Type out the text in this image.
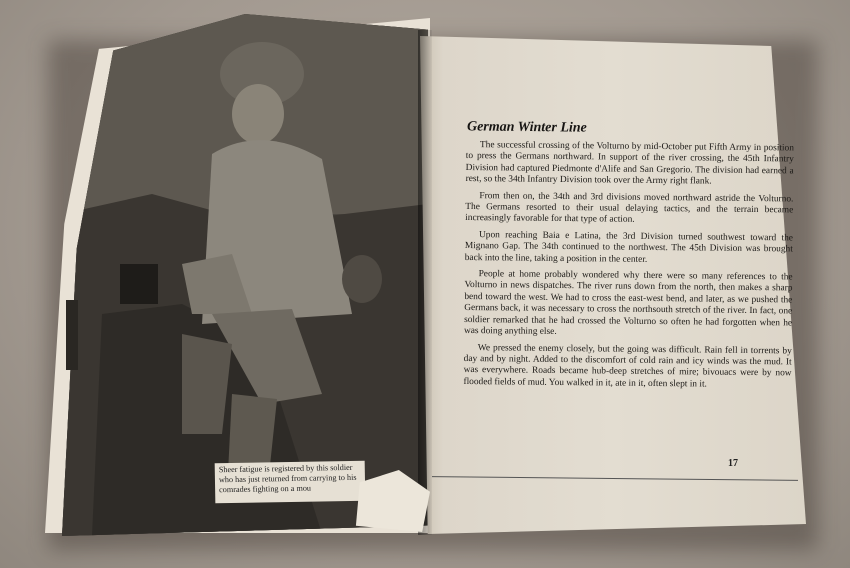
Sheer fatigue is registered by this soldier who has just returned from carrying to his comrades fighting on a mou
German Winter Line

The successful crossing of the Volturno by mid-October put Fifth Army in position to press the Germans northward. In support of the river crossing, the 45th Infantry Division had captured Piedmonte d'Alife and San Gregorio. The division had earned a rest, so the 34th Infantry Division took over the Army right flank.

From then on, the 34th and 3rd divisions moved northward astride the Volturno. The Germans resorted to their usual delaying tactics, and the terrain became increasingly favorable for that type of action.

Upon reaching Baia e Latina, the 3rd Division turned southwest toward the Mignano Gap. The 34th continued to the northwest. The 45th Division was brought back into the line, taking a position in the center.

People at home probably wondered why there were so many references to the Volturno in news dispatches. The river runs down from the north, then makes a sharp bend toward the west. We had to cross the east-west bend, and later, as we pushed the Germans back, it was necessary to cross the northsouth stretch of the river. In fact, one soldier remarked that he had crossed the Volturno so often he had forgotten when he was doing anything else.

We pressed the enemy closely, but the going was difficult. Rain fell in torrents by day and by night. Added to the discomfort of cold rain and icy winds was the mud. It was everywhere. Roads became hub-deep stretches of mire; bivouacs were by now flooded fields of mud. You walked in it, ate in it, often slept in it.

17
